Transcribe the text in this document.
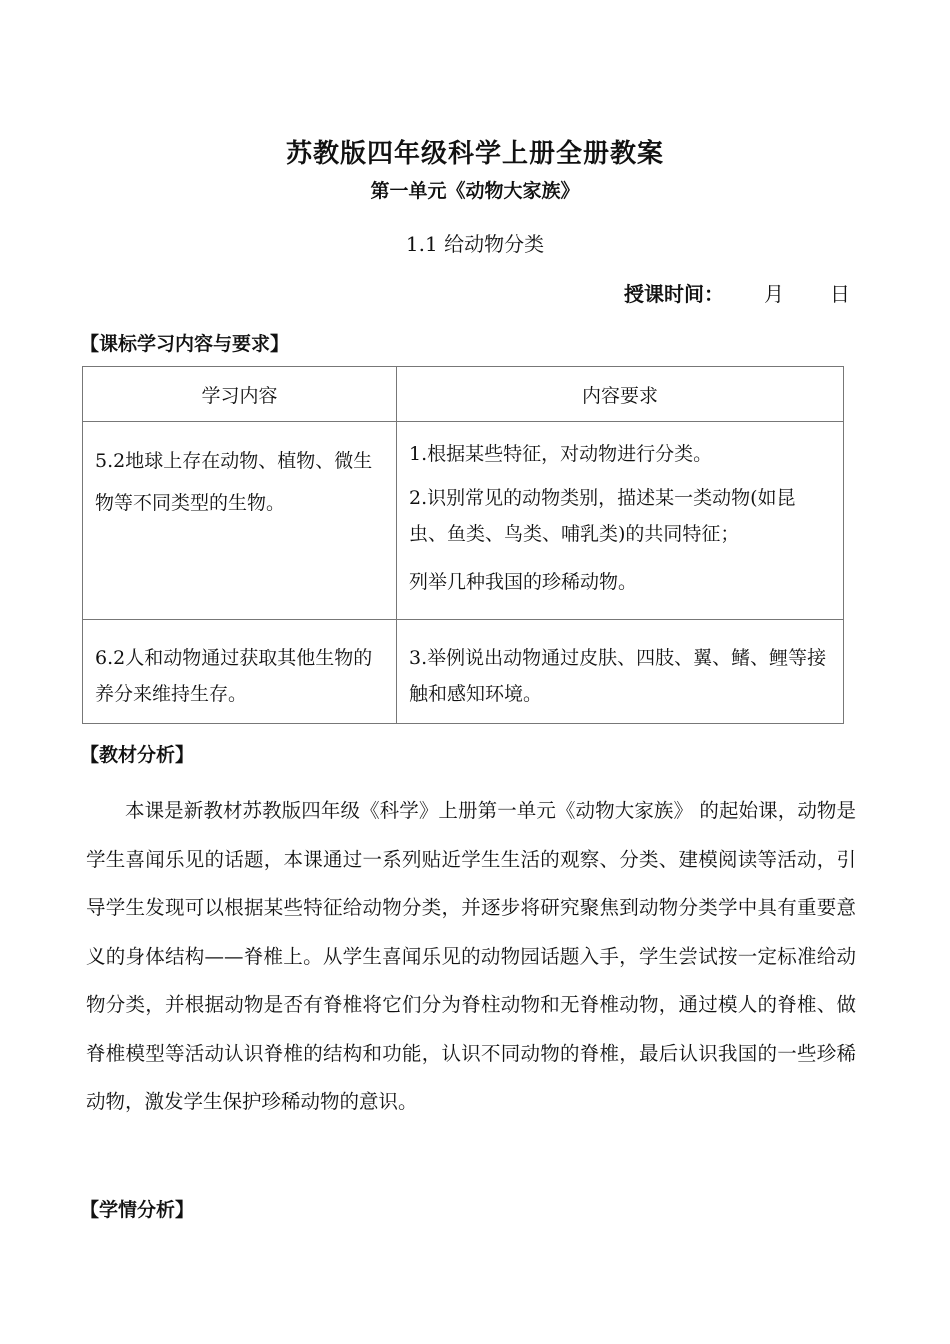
苏教版四年级科学上册全册教案
第一单元《动物大家族》
1.1 给动物分类
授课时间： 月 日
【课标学习内容与要求】
学习内容	内容要求
5.2地球上存在动物、植物、微生物等不同类型的生物。	1.根据某些特征，对动物进行分类。
2.识别常见的动物类别，描述某一类动物(如昆虫、鱼类、鸟类、哺乳类)的共同特征；
列举几种我国的珍稀动物。

6.2人和动物通过获取其他生物的养分来维持生存。	3.举例说出动物通过皮肤、四肢、翼、鳍、鲤等接触和感知环境。
【教材分析】
本课是新教材苏教版四年级《科学》上册第一单元《动物大家族》 的起始课，动物是学生喜闻乐见的话题，本课通过一系列贴近学生生活的观察、分类、建模阅读等活动，引导学生发现可以根据某些特征给动物分类，并逐步将研究聚焦到动物分类学中具有重要意义的身体结构——脊椎上。从学生喜闻乐见的动物园话题入手，学生尝试按一定标准给动物分类，并根据动物是否有脊椎将它们分为脊柱动物和无脊椎动物，通过模人的脊椎、做脊椎模型等活动认识脊椎的结构和功能，认识不同动物的脊椎，最后认识我国的一些珍稀动物，激发学生保护珍稀动物的意识。
【学情分析】
